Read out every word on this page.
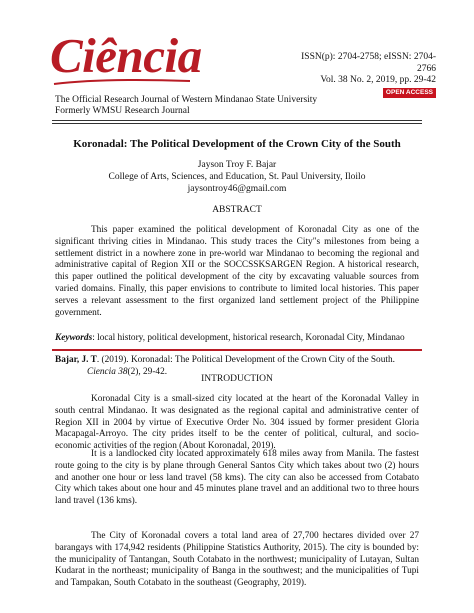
Ciência	ISSN(p): 2704-2758; eISSN: 2704-2766
Vol. 38 No. 2, 2019, pp. 29-42
OPEN ACCESS
The Official Research Journal of Western Mindanao State University
Formerly WMSU Research Journal
Koronadal: The Political Development of the Crown City of the South
Jayson Troy F. Bajar
College of Arts, Sciences, and Education, St. Paul University, Iloilo
jaysontroy46@gmail.com
ABSTRACT

This paper examined the political development of Koronadal City as one of the significant thriving cities in Mindanao. This study traces the City"s milestones from being a settlement district in a nowhere zone in pre-world war Mindanao to becoming the regional and administrative capital of Region XII or the SOCCSSKSARGEN Region. A historical research, this paper outlined the political development of the city by excavating valuable sources from varied domains. Finally, this paper envisions to contribute to limited local histories. This paper serves a relevant assessment to the first organized land settlement project of the Philippine government.

Keywords: local history, political development, historical research, Koronadal City, Mindanao
Bajar, J. T. (2019). Koronadal: The Political Development of the Crown City of the South.
Ciencia 38(2), 29-42.
INTRODUCTION

Koronadal City is a small-sized city located at the heart of the Koronadal Valley in south central Mindanao. It was designated as the regional capital and administrative center of Region XII in 2004 by virtue of Executive Order No. 304 issued by former president Gloria Macapagal-Arroyo. The city prides itself to be the center of political, cultural, and socio-economic activities of the region (About Koronadal, 2019).

It is a landlocked city located approximately 618 miles away from Manila. The fastest route going to the city is by plane through General Santos City which takes about two (2) hours and another one hour or less land travel (58 kms). The city can also be accessed from Cotabato City which takes about one hour and 45 minutes plane travel and an additional two to three hours land travel (136 kms).

The City of Koronadal covers a total land area of 27,700 hectares divided over 27 barangays with 174,942 residents (Philippine Statistics Authority, 2015). The city is bounded by: the municipality of Tantangan, South Cotabato in the northwest; municipality of Lutayan, Sultan Kudarat in the northeast; municipality of Banga in the southwest; and the municipalities of Tupi and Tampakan, South Cotabato in the southeast (Geography, 2019).
